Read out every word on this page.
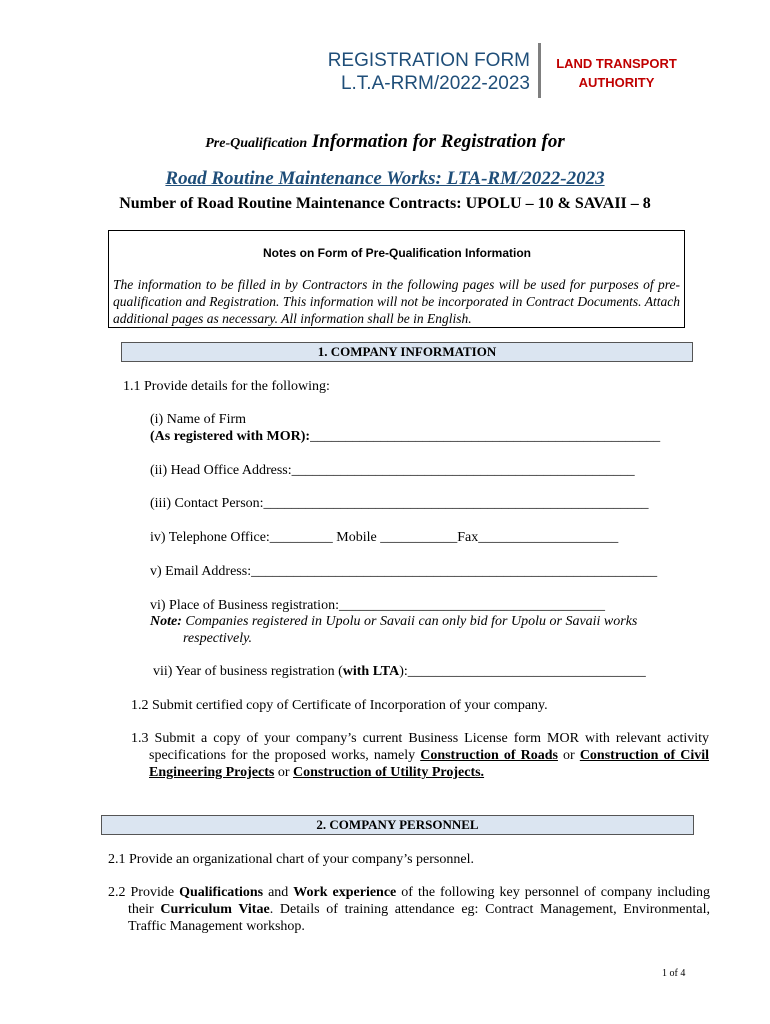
REGISTRATION FORM
L.T.A-RRM/2022-2023
LAND TRANSPORT
AUTHORITY
Pre-Qualification Information for Registration for
Road Routine Maintenance Works: LTA-RM/2022-2023
Number of Road Routine Maintenance Contracts: UPOLU – 10 & SAVAII – 8
Notes on Form of Pre-Qualification Information
The information to be filled in by Contractors in the following pages will be used for purposes of pre-qualification and Registration. This information will not be incorporated in Contract Documents. Attach additional pages as necessary. All information shall be in English.
1. COMPANY INFORMATION
1.1 Provide details for the following:
(i) Name of Firm
(As registered with MOR):__________________________________________________
(ii) Head Office Address:_________________________________________________
(iii) Contact Person:_______________________________________________________
iv) Telephone Office:_________ Mobile ___________Fax____________________
v) Email Address:__________________________________________________________
vi) Place of Business registration:______________________________________
Note: Companies registered in Upolu or Savaii can only bid for Upolu or Savaii works respectively.
vii) Year of business registration (with LTA):__________________________________
1.2 Submit certified copy of Certificate of Incorporation of your company.
1.3 Submit a copy of your company’s current Business License form MOR with relevant activity specifications for the proposed works, namely Construction of Roads or Construction of Civil Engineering Projects or Construction of Utility Projects.
2. COMPANY PERSONNEL
2.1 Provide an organizational chart of your company’s personnel.
2.2 Provide Qualifications and Work experience of the following key personnel of company including their Curriculum Vitae. Details of training attendance eg: Contract Management, Environmental, Traffic Management workshop.
1 of 4
